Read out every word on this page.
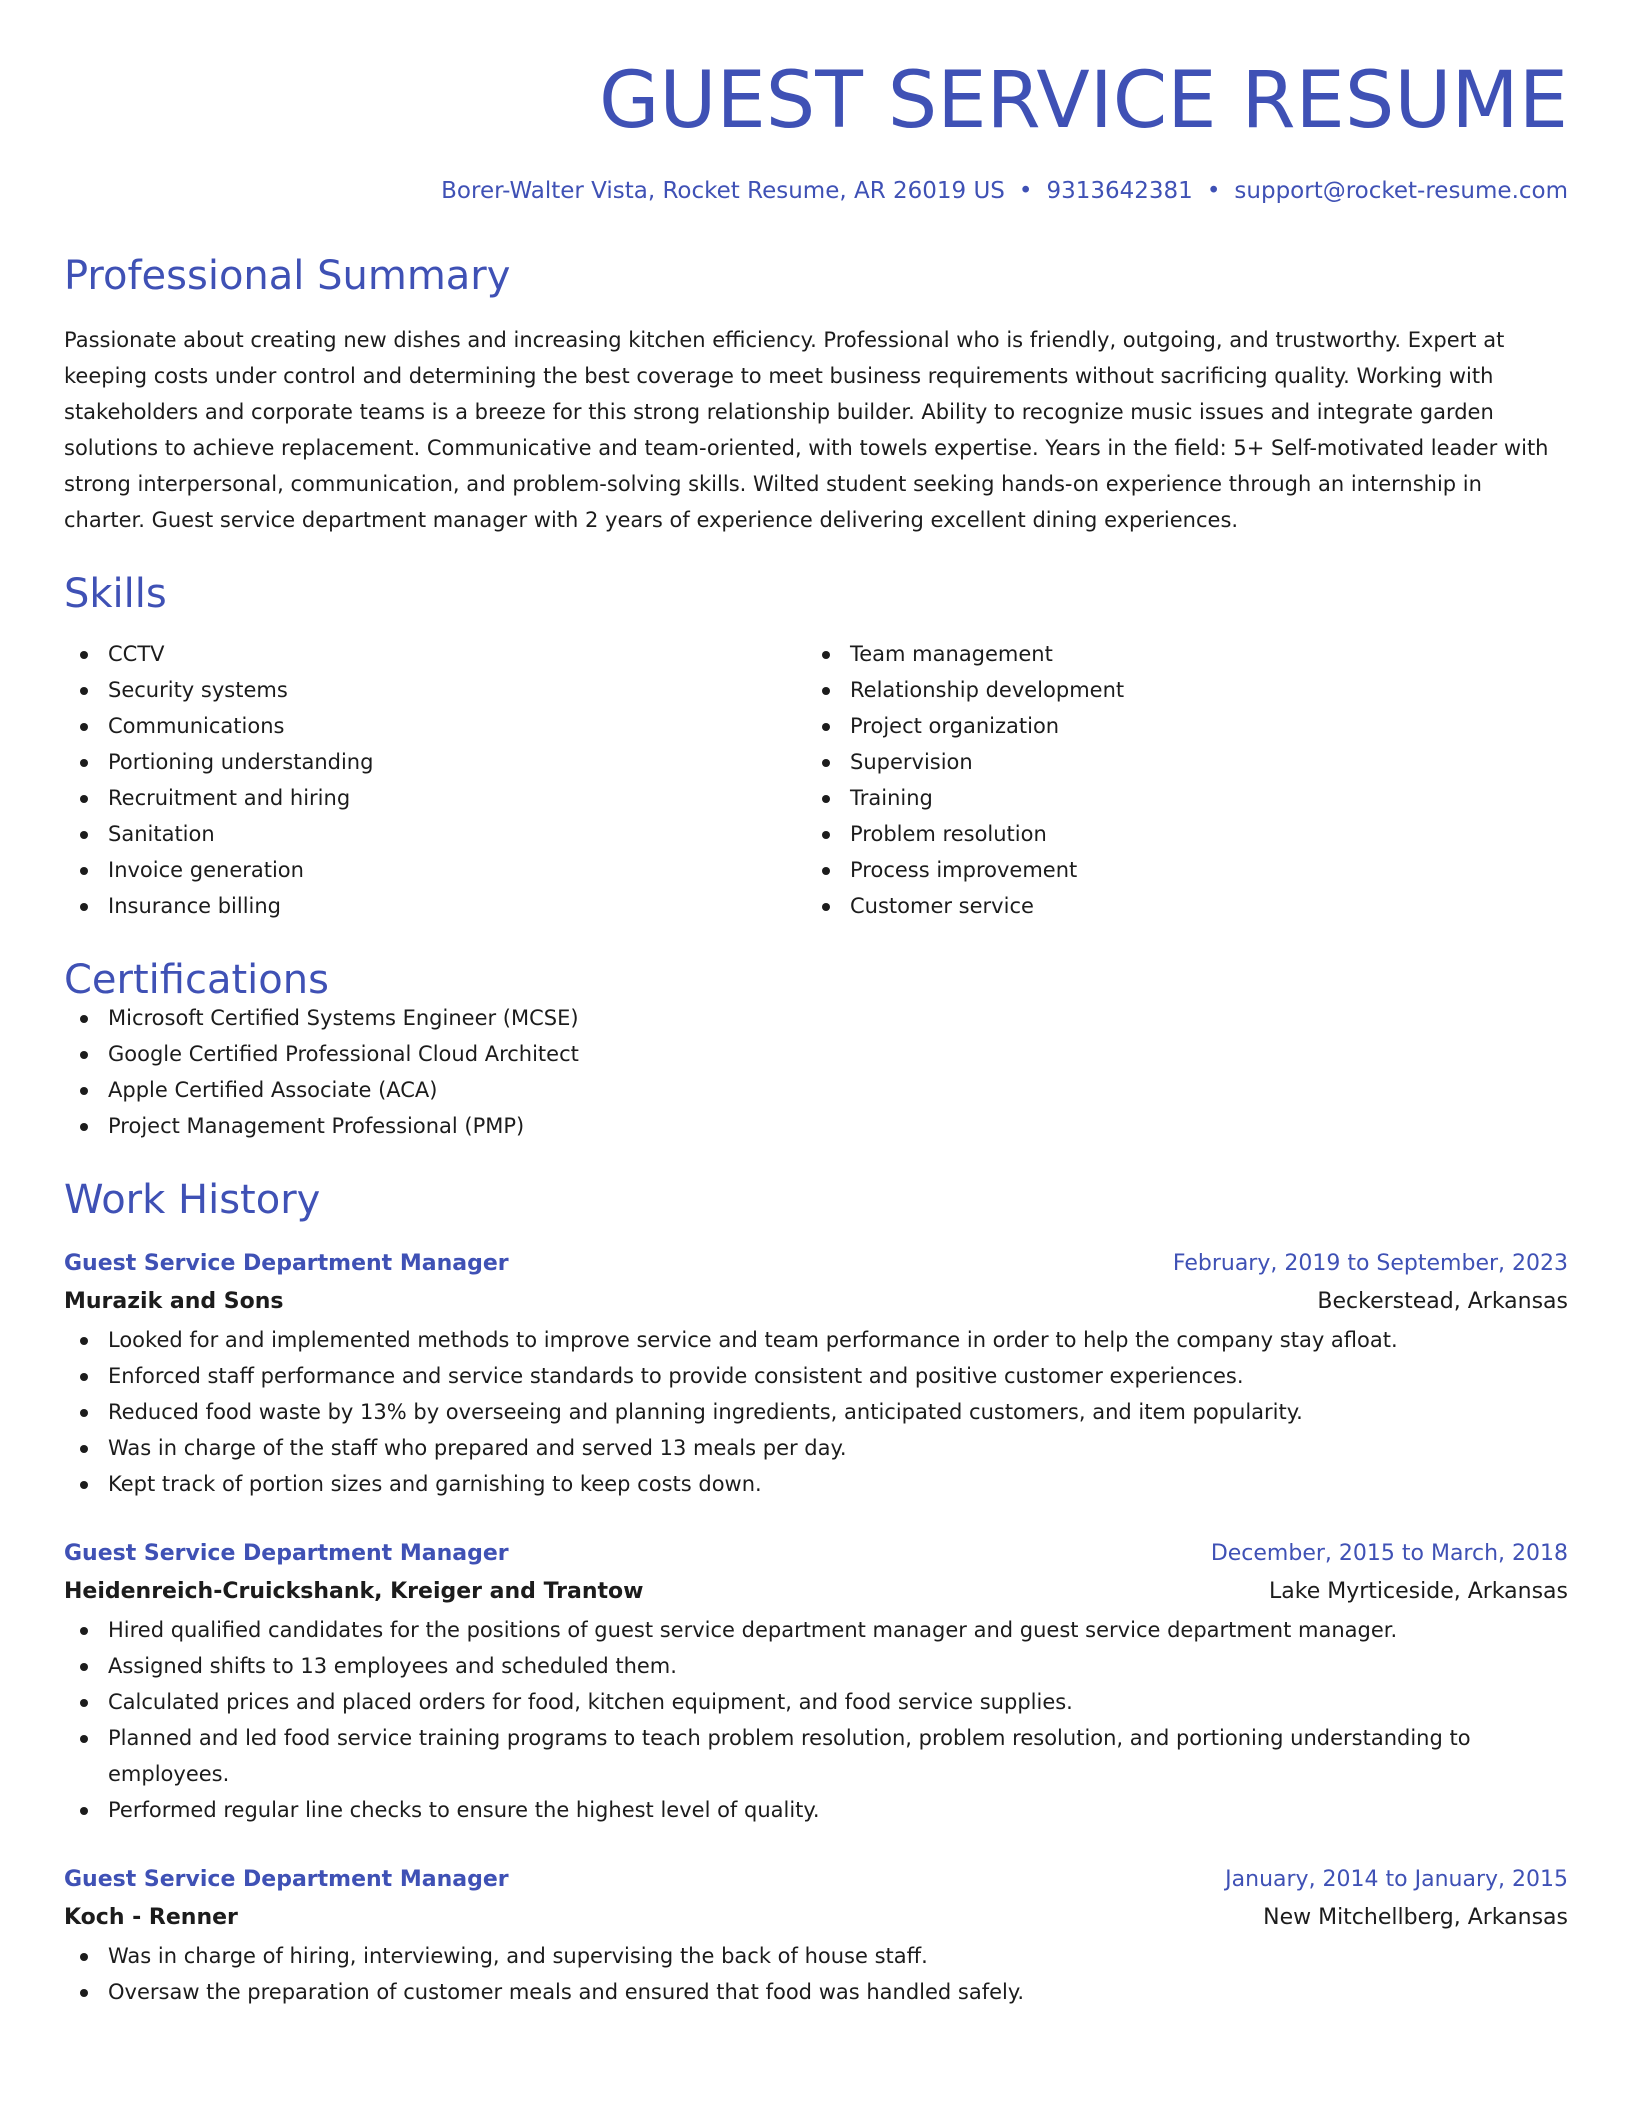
GUEST SERVICE RESUME
Borer-Walter Vista, Rocket Resume, AR 26019 US • 9313642381 • support@rocket-resume.com
Professional Summary
Passionate about creating new dishes and increasing kitchen efficiency. Professional who is friendly, outgoing, and trustworthy. Expert at keeping costs under control and determining the best coverage to meet business requirements without sacrificing quality. Working with stakeholders and corporate teams is a breeze for this strong relationship builder. Ability to recognize music issues and integrate garden solutions to achieve replacement. Communicative and team-oriented, with towels expertise. Years in the field: 5+ Self-motivated leader with strong interpersonal, communication, and problem-solving skills. Wilted student seeking hands-on experience through an internship in charter. Guest service department manager with 2 years of experience delivering excellent dining experiences.
Skills
CCTV
Security systems
Communications
Portioning understanding
Recruitment and hiring
Sanitation
Invoice generation
Insurance billing
Team management
Relationship development
Project organization
Supervision
Training
Problem resolution
Process improvement
Customer service
Certifications
Microsoft Certified Systems Engineer (MCSE)
Google Certified Professional Cloud Architect
Apple Certified Associate (ACA)
Project Management Professional (PMP)
Work History
Guest Service Department Manager	February, 2019 to September, 2023
Murazik and Sons	Beckerstead, Arkansas
Looked for and implemented methods to improve service and team performance in order to help the company stay afloat.
Enforced staff performance and service standards to provide consistent and positive customer experiences.
Reduced food waste by 13% by overseeing and planning ingredients, anticipated customers, and item popularity.
Was in charge of the staff who prepared and served 13 meals per day.
Kept track of portion sizes and garnishing to keep costs down.
Guest Service Department Manager	December, 2015 to March, 2018
Heidenreich-Cruickshank, Kreiger and Trantow	Lake Myrticeside, Arkansas
Hired qualified candidates for the positions of guest service department manager and guest service department manager.
Assigned shifts to 13 employees and scheduled them.
Calculated prices and placed orders for food, kitchen equipment, and food service supplies.
Planned and led food service training programs to teach problem resolution, problem resolution, and portioning understanding to employees.
Performed regular line checks to ensure the highest level of quality.
Guest Service Department Manager	January, 2014 to January, 2015
Koch - Renner	New Mitchellberg, Arkansas
Was in charge of hiring, interviewing, and supervising the back of house staff.
Oversaw the preparation of customer meals and ensured that food was handled safely.
